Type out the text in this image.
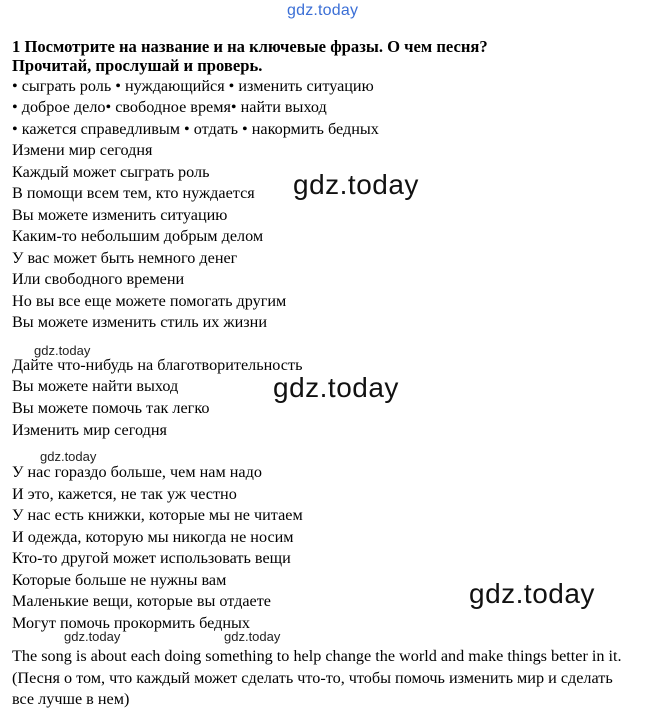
gdz.today
1 Посмотрите на название и на ключевые фразы. О чем песня?
Прочитай, прослушай и проверь.
• сыграть роль • нуждающийся • изменить ситуацию
• доброе дело• свободное время• найти выход
• кажется справедливым • отдать • накормить бедных
Измени мир сегодня
Каждый может сыграть роль
В помощи всем тем, кто нуждается
Вы можете изменить ситуацию
Каким-то небольшим добрым делом
У вас может быть немного денег
Или свободного времени
Но вы все еще можете помогать другим
Вы можете изменить стиль их жизни
Дайте что-нибудь на благотворительность
Вы можете найти выход
Вы можете помочь так легко
Изменить мир сегодня
У нас гораздо больше, чем нам надо
И это, кажется, не так уж честно
У нас есть книжки, которые мы не читаем
И одежда, которую мы никогда не носим
Кто-то другой может использовать вещи
Которые больше не нужны вам
Маленькие вещи, которые вы отдаете
Могут помочь прокормить бедных
The song is about each doing something to help change the world and make things better in it.(Песня о том, что каждый может сделать что-то, чтобы помочь изменить мир и сделать все лучше в нем)
gdz.today
gdz.today
gdz.today
gdz.today
gdz.today
gdz.today	gdz.today
